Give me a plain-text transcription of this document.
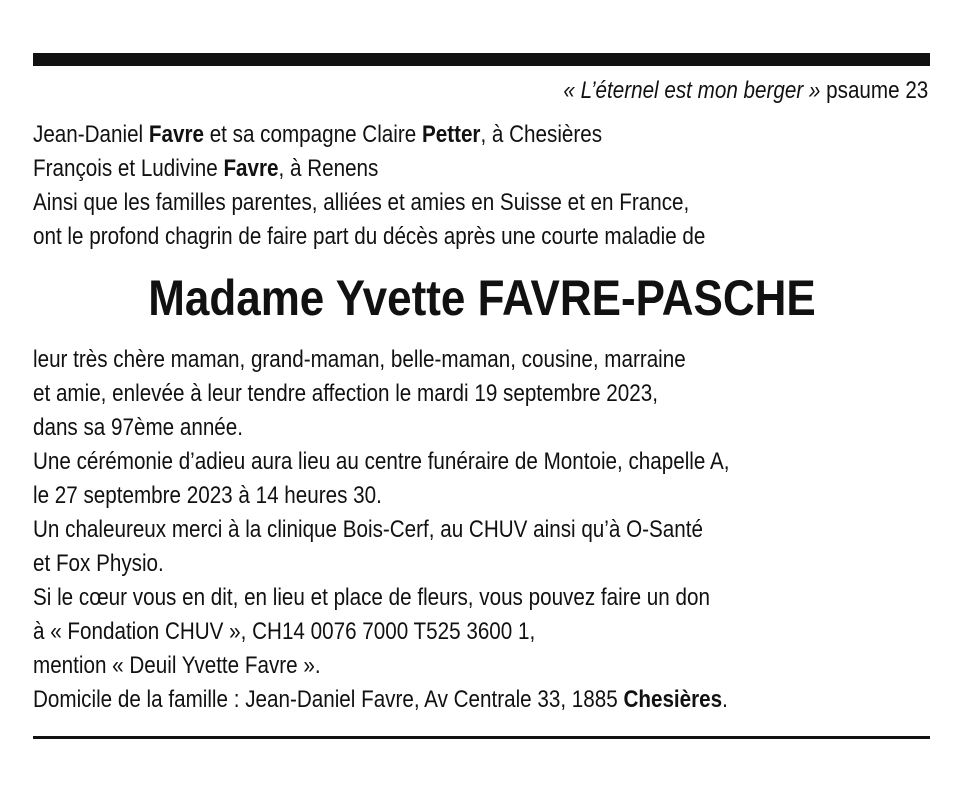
« L’éternel est mon berger » psaume 23
Jean-Daniel Favre et sa compagne Claire Petter, à Chesières
François et Ludivine Favre, à Renens
Ainsi que les familles parentes, alliées et amies en Suisse et en France,
ont le profond chagrin de faire part du décès après une courte maladie de
Madame Yvette FAVRE-PASCHE
leur très chère maman, grand-maman, belle-maman, cousine, marraine
et amie, enlevée à leur tendre affection le mardi 19 septembre 2023,
dans sa 97ème année.
Une cérémonie d’adieu aura lieu au centre funéraire de Montoie, chapelle A,
le 27 septembre 2023 à 14 heures 30.
Un chaleureux merci à la clinique Bois-Cerf, au CHUV ainsi qu’à O-Santé
et Fox Physio.
Si le cœur vous en dit, en lieu et place de fleurs, vous pouvez faire un don
à « Fondation CHUV », CH14 0076 7000 T525 3600 1,
mention « Deuil Yvette Favre ».
Domicile de la famille : Jean-Daniel Favre, Av Centrale 33, 1885 Chesières.
